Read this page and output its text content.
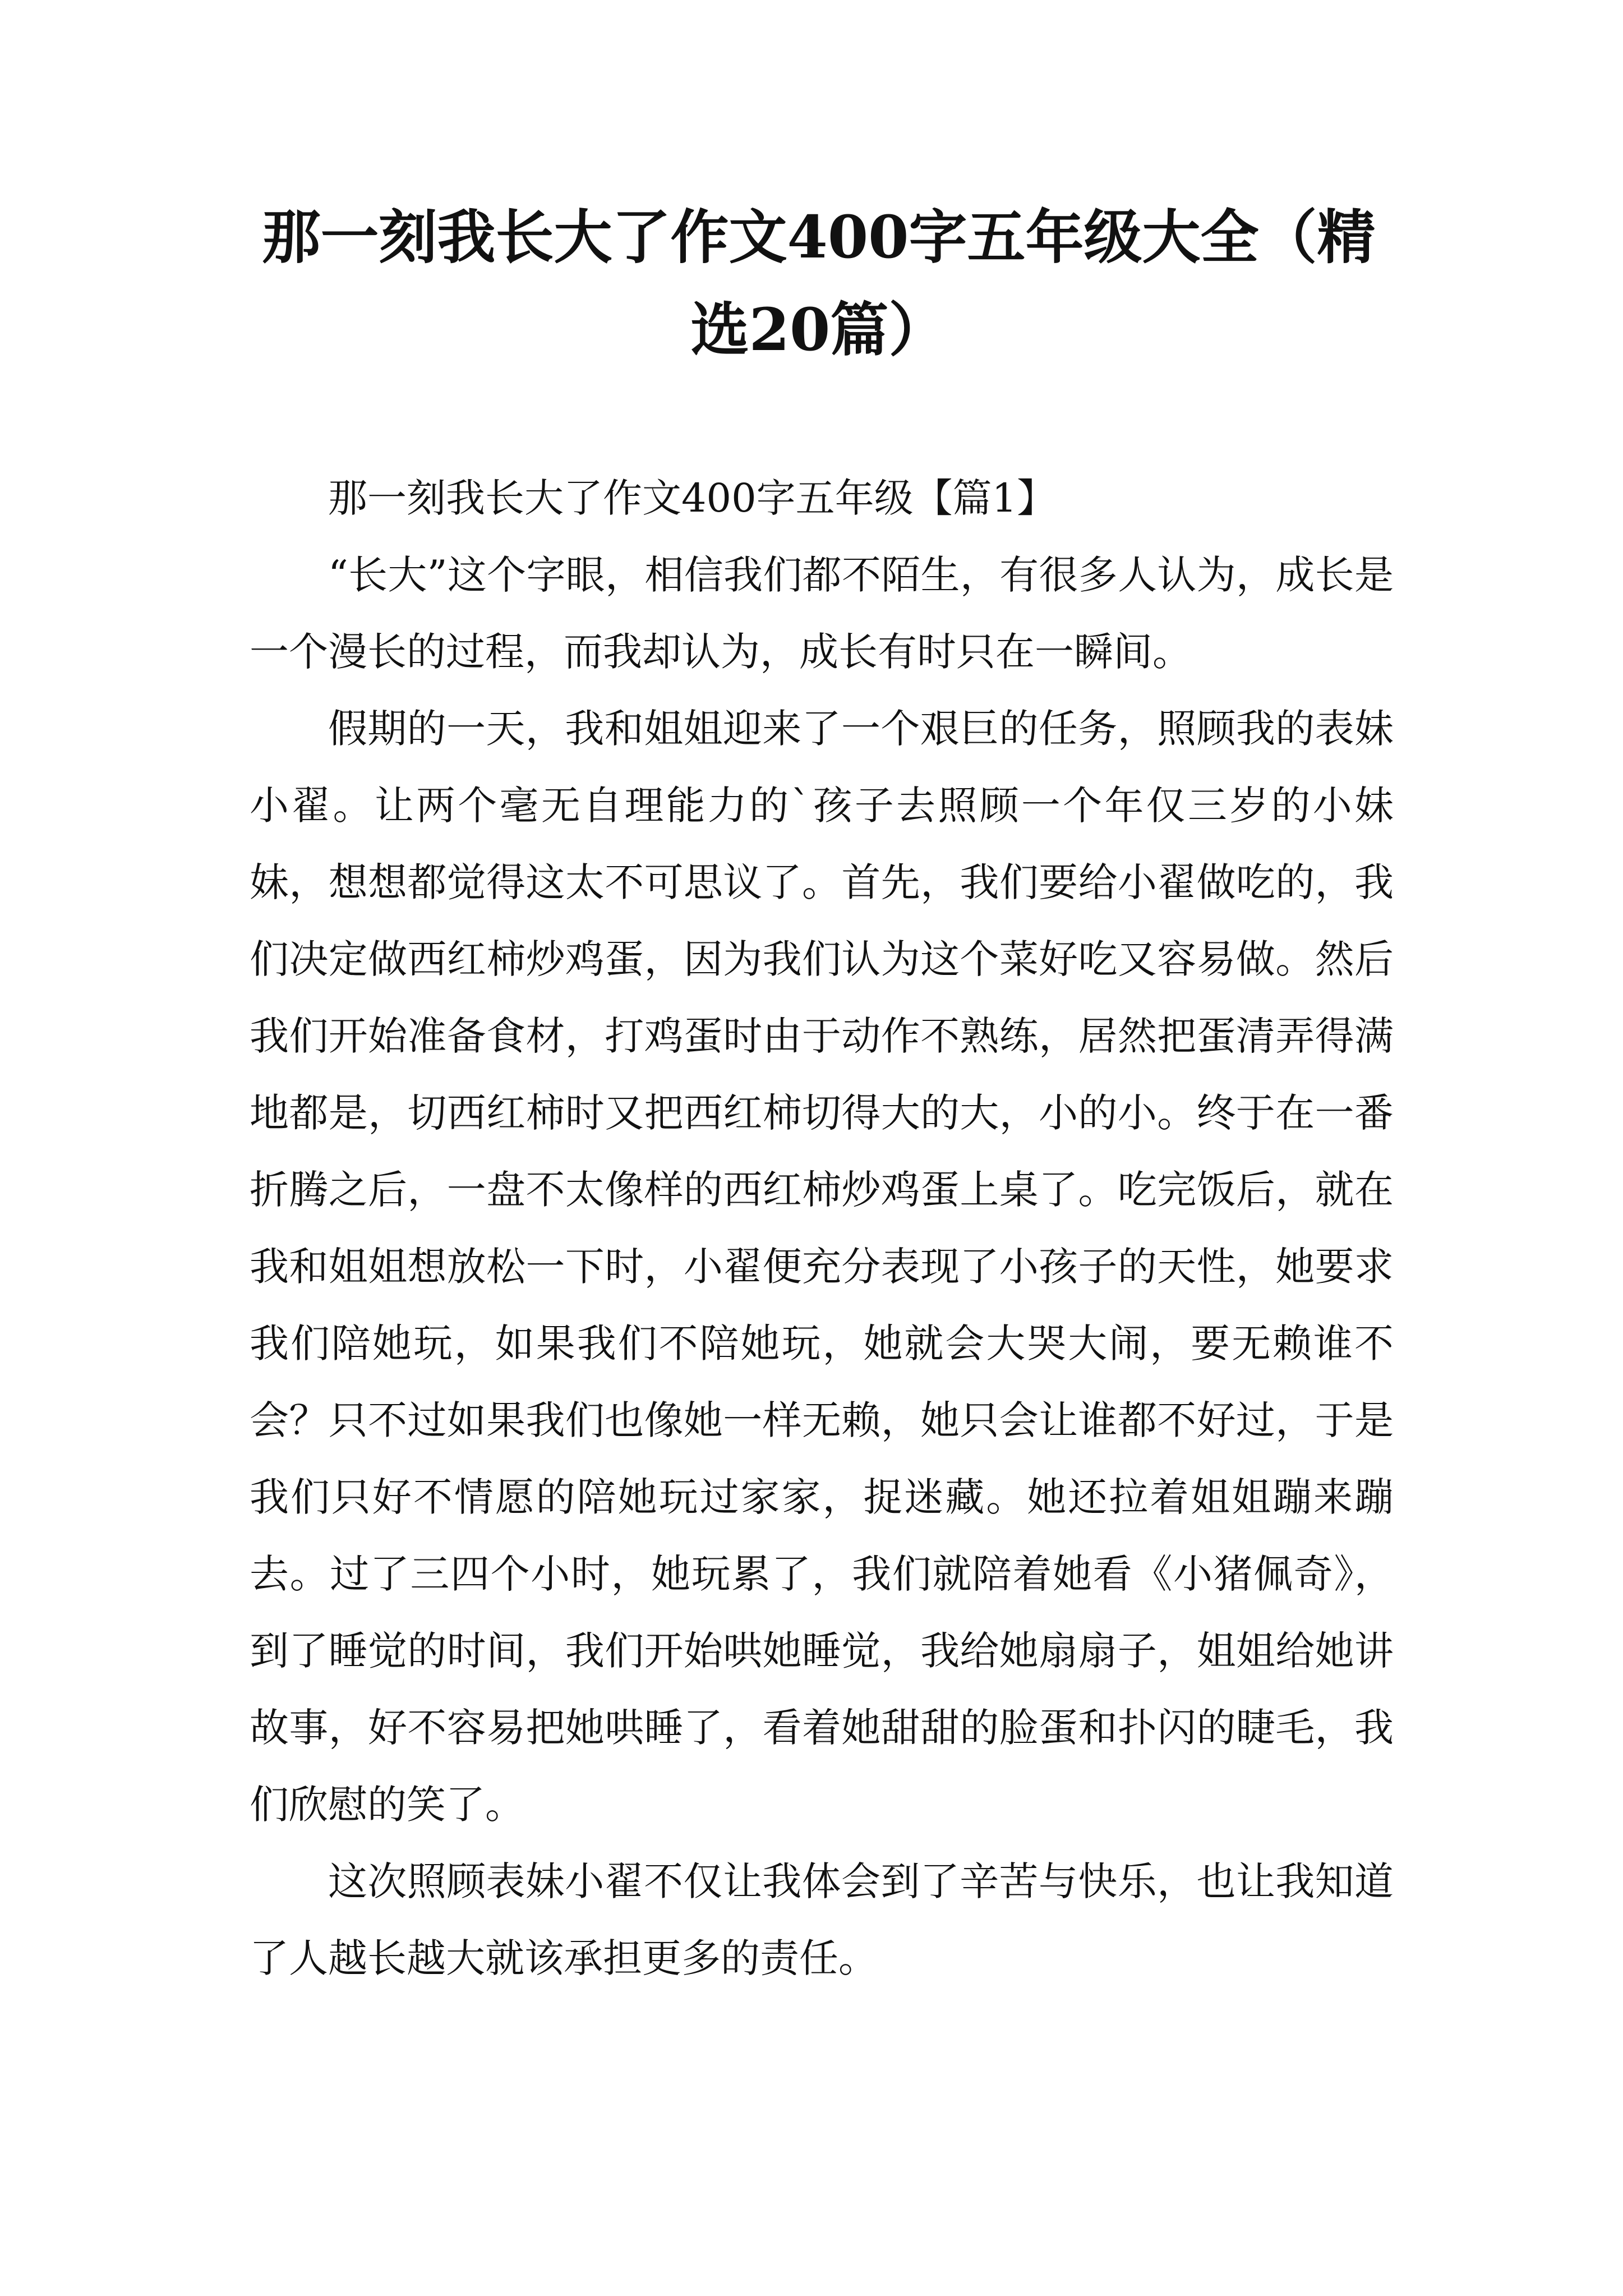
那一刻我长大了作文400字五年级大全（精选20篇）

那一刻我长大了作文400字五年级【篇1】

“长大”这个字眼，相信我们都不陌生，有很多人认为，成长是一个漫长的过程，而我却认为，成长有时只在一瞬间。

假期的一天，我和姐姐迎来了一个艰巨的任务，照顾我的表妹小翟。让两个毫无自理能力的`孩子去照顾一个年仅三岁的小妹妹，想想都觉得这太不可思议了。首先，我们要给小翟做吃的，我们决定做西红柿炒鸡蛋，因为我们认为这个菜好吃又容易做。然后我们开始准备食材，打鸡蛋时由于动作不熟练，居然把蛋清弄得满地都是，切西红柿时又把西红柿切得大的大，小的小。终于在一番折腾之后，一盘不太像样的西红柿炒鸡蛋上桌了。吃完饭后，就在我和姐姐想放松一下时，小翟便充分表现了小孩子的天性，她要求我们陪她玩，如果我们不陪她玩，她就会大哭大闹，要无赖谁不会？只不过如果我们也像她一样无赖，她只会让谁都不好过，于是我们只好不情愿的陪她玩过家家，捉迷藏。她还拉着姐姐蹦来蹦去。过了三四个小时，她玩累了，我们就陪着她看《小猪佩奇》，到了睡觉的时间，我们开始哄她睡觉，我给她扇扇子，姐姐给她讲故事，好不容易把她哄睡了，看着她甜甜的脸蛋和扑闪的睫毛，我们欣慰的笑了。

这次照顾表妹小翟不仅让我体会到了辛苦与快乐，也让我知道了人越长越大就该承担更多的责任。
